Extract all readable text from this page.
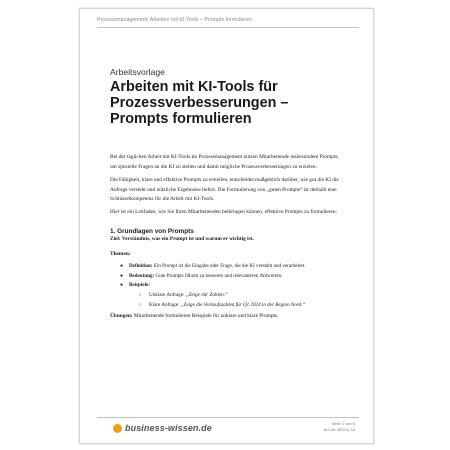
Prozessmanagement: Arbeiten mit KI-Tools – Prompts formulieren
Arbeitsvorlage
Arbeiten mit KI-Tools für Prozessverbesserungen – Prompts formulieren

Bei der täglichen Arbeit mit KI-Tools im Prozessmanagement nutzen Mitarbeitende insbesondere Prompts, um spezielle Fragen an die KI zu stellen und damit mögliche Prozessverbesserungen zu erzielen.

Die Fähigkeit, klare und effektive Prompts zu erstellen, entscheidet maßgeblich darüber, wie gut die KI die Anfrage versteht und nützliche Ergebnisse liefert. Die Formulierung von „guten Prompts“ ist deshalb eine Schlüsselkompetenz für die Arbeit mit KI-Tools.

Hier ist ein Leitfaden, wie Sie Ihren Mitarbeitenden beibringen können, effektive Prompts zu formulieren:

1. Grundlagen von Prompts
Ziel: Verständnis, was ein Prompt ist und warum er wichtig ist.
Themen:
● Definition: Ein Prompt ist die Eingabe oder Frage, die die KI versteht und verarbeitet.
● Bedeutung: Gute Prompts führen zu besseren und relevanteren Antworten.
● Beispiele:
○ Unklare Anfrage: „Zeige mir Zahlen.“
○ Klare Anfrage: „Zeige die Verkaufszahlen für Q1 2024 in der Region Nord.“

Übungen: Mitarbeitende formulieren Beispiele für unklare und klare Prompts.

business-wissen.de	Seite 1 von 5
Art.-Nr. BE012.44
